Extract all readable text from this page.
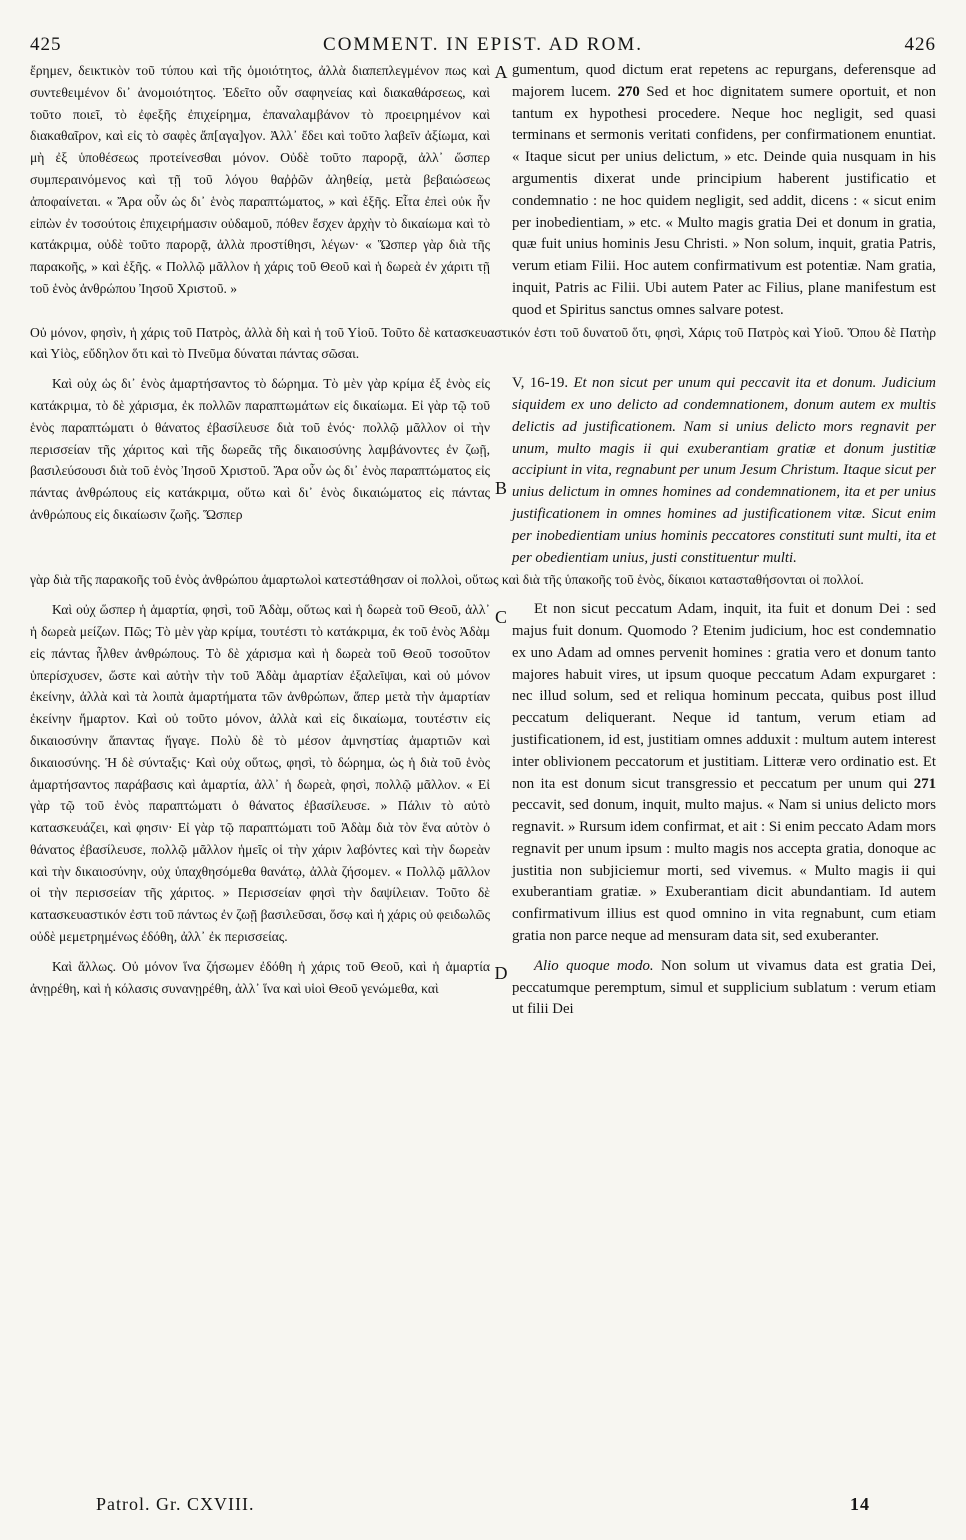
425	COMMENT. IN EPIST. AD ROM.	426

ἔρημεν, δεικτικὸν τοῦ τύπου καὶ τῆς ὁμοιότητος, ἀλλὰ διαπεπλεγμένον πως καὶ συντεθειμένον δι᾽ ἀνομοιότητος. Ἐδεῖτο οὖν σαφηνείας καὶ διακαθάρσεως, καὶ τοῦτο ποιεῖ, τὸ ἐφεξῆς ἐπιχείρημα, ἐπαναλαμβάνον τὸ προειρημένον καὶ διακαθαῖρον, καὶ εἰς τὸ σαφὲς ἄπ[αγα]γον. Ἀλλ᾽ ἔδει καὶ τοῦτο λαβεῖν ἀξίωμα, καὶ μὴ ἐξ ὑποθέσεως προτείνεσθαι μόνον. Οὐδὲ τοῦτο παρορᾷ, ἀλλ᾽ ὥσπερ συμπεραινόμενος καὶ τῇ τοῦ λόγου θαῤῥῶν ἀληθείᾳ, μετὰ βεβαιώσεως ἀποφαίνεται. « Ἄρα οὖν ὡς δι᾽ ἑνὸς παραπτώματος, » καὶ ἑξῆς. Εἶτα ἐπεὶ οὐκ ἦν εἰπὼν ἐν τοσούτοις ἐπιχειρήμασιν οὐδαμοῦ, πόθεν ἔσχεν ἀρχὴν τὸ δικαίωμα καὶ τὸ κατάκριμα, οὐδὲ τοῦτο παρορᾷ, ἀλλὰ προστίθησι, λέγων· « Ὥσπερ γὰρ διὰ τῆς παρακοῆς, » καὶ ἑξῆς. « Πολλῷ μᾶλλον ἡ χάρις τοῦ Θεοῦ καὶ ἡ δωρεὰ ἐν χάριτι τῇ τοῦ ἑνὸς ἀνθρώπου Ἰησοῦ Χριστοῦ. »

A
B

gumentum, quod dictum erat repetens ac repurgans, deferensque ad majorem lucem. 270 Sed et hoc dignitatem sumere oportuit, et non tantum ex hypothesi procedere. Neque hoc negligit, sed quasi terminans et sermonis veritati confidens, per confirmationem enuntiat. « Itaque sicut per unius delictum, » etc. Deinde quia nusquam in his argumentis dixerat unde principium haberent justificatio et condemnatio : ne hoc quidem negligit, sed addit, dicens : « sicut enim per inobedientiam, » etc. « Multo magis gratia Dei et donum in gratia, quæ fuit unius hominis Jesu Christi. » Non solum, inquit, gratia Patris, verum etiam Filii. Hoc autem confirmativum est potentiæ. Nam gratia, inquit, Patris ac Filii. Ubi autem Pater ac Filius, plane manifestum est quod et Spiritus sanctus omnes salvare potest.

Οὐ μόνον, φησὶν, ἡ χάρις τοῦ Πατρὸς, ἀλλὰ δὴ καὶ ἡ τοῦ Υἱοῦ. Τοῦτο δὲ κατασκευαστικόν ἐστι τοῦ δυνατοῦ ὅτι, φησὶ, Χάρις τοῦ Πατρὸς καὶ Υἱοῦ. Ὅπου δὲ Πατὴρ καὶ Υἱὸς, εὔδηλον ὅτι καὶ τὸ Πνεῦμα δύναται πάντας σῶσαι.

Καὶ οὐχ ὡς δι᾽ ἑνὸς ἁμαρτήσαντος τὸ δώρημα. Τὸ μὲν γὰρ κρίμα ἐξ ἑνὸς εἰς κατάκριμα, τὸ δὲ χάρισμα, ἐκ πολλῶν παραπτωμάτων εἰς δικαίωμα. Εἰ γὰρ τῷ τοῦ ἑνὸς παραπτώματι ὁ θάνατος ἐβασίλευσε διὰ τοῦ ἑνός· πολλῷ μᾶλλον οἱ τὴν περισσείαν τῆς χάριτος καὶ τῆς δωρεᾶς τῆς δικαιοσύνης λαμβάνοντες ἐν ζωῇ, βασιλεύσουσι διὰ τοῦ ἑνὸς Ἰησοῦ Χριστοῦ. Ἄρα οὖν ὡς δι᾽ ἑνὸς παραπτώματος εἰς πάντας ἀνθρώπους εἰς κατάκριμα, οὕτω καὶ δι᾽ ἑνὸς δικαιώματος εἰς πάντας ἀνθρώπους εἰς δικαίωσιν ζωῆς. Ὥσπερ

V, 16-19. Et non sicut per unum qui peccavit ita et donum. Judicium siquidem ex uno delicto ad condemnationem, donum autem ex multis delictis ad justificationem. Nam si unius delicto mors regnavit per unum, multo magis ii qui exuberantiam gratiæ et donum justitiæ accipiunt in vita, regnabunt per unum Jesum Christum. Itaque sicut per unius delictum in omnes homines ad condemnationem, ita et per unius justificationem in omnes homines ad justificationem vitæ. Sicut enim per inobedientiam unius hominis peccatores constituti sunt multi, ita et per obedientiam unius, justi constituentur multi.

γὰρ διὰ τῆς παρακοῆς τοῦ ἑνὸς ἀνθρώπου ἁμαρτωλοὶ κατεστάθησαν οἱ πολλοὶ, οὕτως καὶ διὰ τῆς ὑπακοῆς τοῦ ἑνὸς, δίκαιοι κατασταθήσονται οἱ πολλοί.

Καὶ οὐχ ὥσπερ ἡ ἁμαρτία, φησὶ, τοῦ Ἀδὰμ, οὕτως καὶ ἡ δωρεὰ τοῦ Θεοῦ, ἀλλ᾽ ἡ δωρεὰ μείζων. Πῶς; Τὸ μὲν γὰρ κρίμα, τουτέστι τὸ κατάκριμα, ἐκ τοῦ ἑνὸς Ἀδὰμ εἰς πάντας ἦλθεν ἀνθρώπους. Τὸ δὲ χάρισμα καὶ ἡ δωρεὰ τοῦ Θεοῦ τοσοῦτον ὑπερίσχυσεν, ὥστε καὶ αὐτὴν τὴν τοῦ Ἀδὰμ ἁμαρτίαν ἐξαλεῖψαι, καὶ οὐ μόνον ἐκείνην, ἀλλὰ καὶ τὰ λοιπὰ ἁμαρτήματα τῶν ἀνθρώπων, ἅπερ μετὰ τὴν ἁμαρτίαν ἐκείνην ἥμαρτον. Καὶ οὐ τοῦτο μόνον, ἀλλὰ καὶ εἰς δικαίωμα, τουτέστιν εἰς δικαιοσύνην ἅπαντας ἤγαγε. Πολὺ δὲ τὸ μέσον ἀμνηστίας ἁμαρτιῶν καὶ δικαιοσύνης. Ἡ δὲ σύνταξις· Καὶ οὐχ οὕτως, φησὶ, τὸ δώρημα, ὡς ἡ διὰ τοῦ ἑνὸς ἁμαρτήσαντος παράβασις καὶ ἁμαρτία, ἀλλ᾽ ἡ δωρεὰ, φησὶ, πολλῷ μᾶλλον. « Εἰ γὰρ τῷ τοῦ ἑνὸς παραπτώματι ὁ θάνατος ἐβασίλευσε. » Πάλιν τὸ αὐτὸ κατασκευάζει, καὶ φησιν· Εἰ γὰρ τῷ παραπτώματι τοῦ Ἀδὰμ διὰ τὸν ἕνα αὐτὸν ὁ θάνατος ἐβασίλευσε, πολλῷ μᾶλλον ἡμεῖς οἱ τὴν χάριν λαβόντες καὶ τὴν δωρεὰν καὶ τὴν δικαιοσύνην, οὐχ ὑπαχθησόμεθα θανάτῳ, ἀλλὰ ζήσομεν. « Πολλῷ μᾶλλον οἱ τὴν περισσείαν τῆς χάριτος. » Περισσείαν φησὶ τὴν δαψίλειαν. Τοῦτο δὲ κατασκευαστικόν ἐστι τοῦ πάντως ἐν ζωῇ βασιλεῦσαι, ὅσῳ καὶ ἡ χάρις οὐ φειδωλῶς οὐδὲ μεμετρημένως ἐδόθη, ἀλλ᾽ ἐκ περισσείας.

C
D

Et non sicut peccatum Adam, inquit, ita fuit et donum Dei : sed majus fuit donum. Quomodo ? Etenim judicium, hoc est condemnatio ex uno Adam ad omnes pervenit homines : gratia vero et donum tanto majores habuit vires, ut ipsum quoque peccatum Adam expurgaret : nec illud solum, sed et reliqua hominum peccata, quibus post illud peccatum deliquerant. Neque id tantum, verum etiam ad justificationem, id est, justitiam omnes adduxit : multum autem interest inter oblivionem peccatorum et justitiam. Litteræ vero ordinatio est. Et non ita est donum sicut transgressio et peccatum per unum qui 271 peccavit, sed donum, inquit, multo majus. « Nam si unius delicto mors regnavit. » Rursum idem confirmat, et ait : Si enim peccato Adam mors regnavit per unum ipsum : multo magis nos accepta gratia, donoque ac justitia non subjiciemur morti, sed vivemus. « Multo magis ii qui exuberantiam gratiæ. » Exuberantiam dicit abundantiam. Id autem confirmativum illius est quod omnino in vita regnabunt, cum etiam gratia non parce neque ad mensuram data sit, sed exuberanter.

Καὶ ἄλλως. Οὐ μόνον ἵνα ζήσωμεν ἐδόθη ἡ χάρις τοῦ Θεοῦ, καὶ ἡ ἁμαρτία ἀνῃρέθη, καὶ ἡ κόλασις συνανῃρέθη, ἀλλ᾽ ἵνα καὶ υἱοὶ Θεοῦ γενώμεθα, καὶ

Alio quoque modo. Non solum ut vivamus data est gratia Dei, peccatumque peremptum, simul et supplicium sublatum : verum etiam ut filii Dei

Patrol. Gr. CXVIII.	14
